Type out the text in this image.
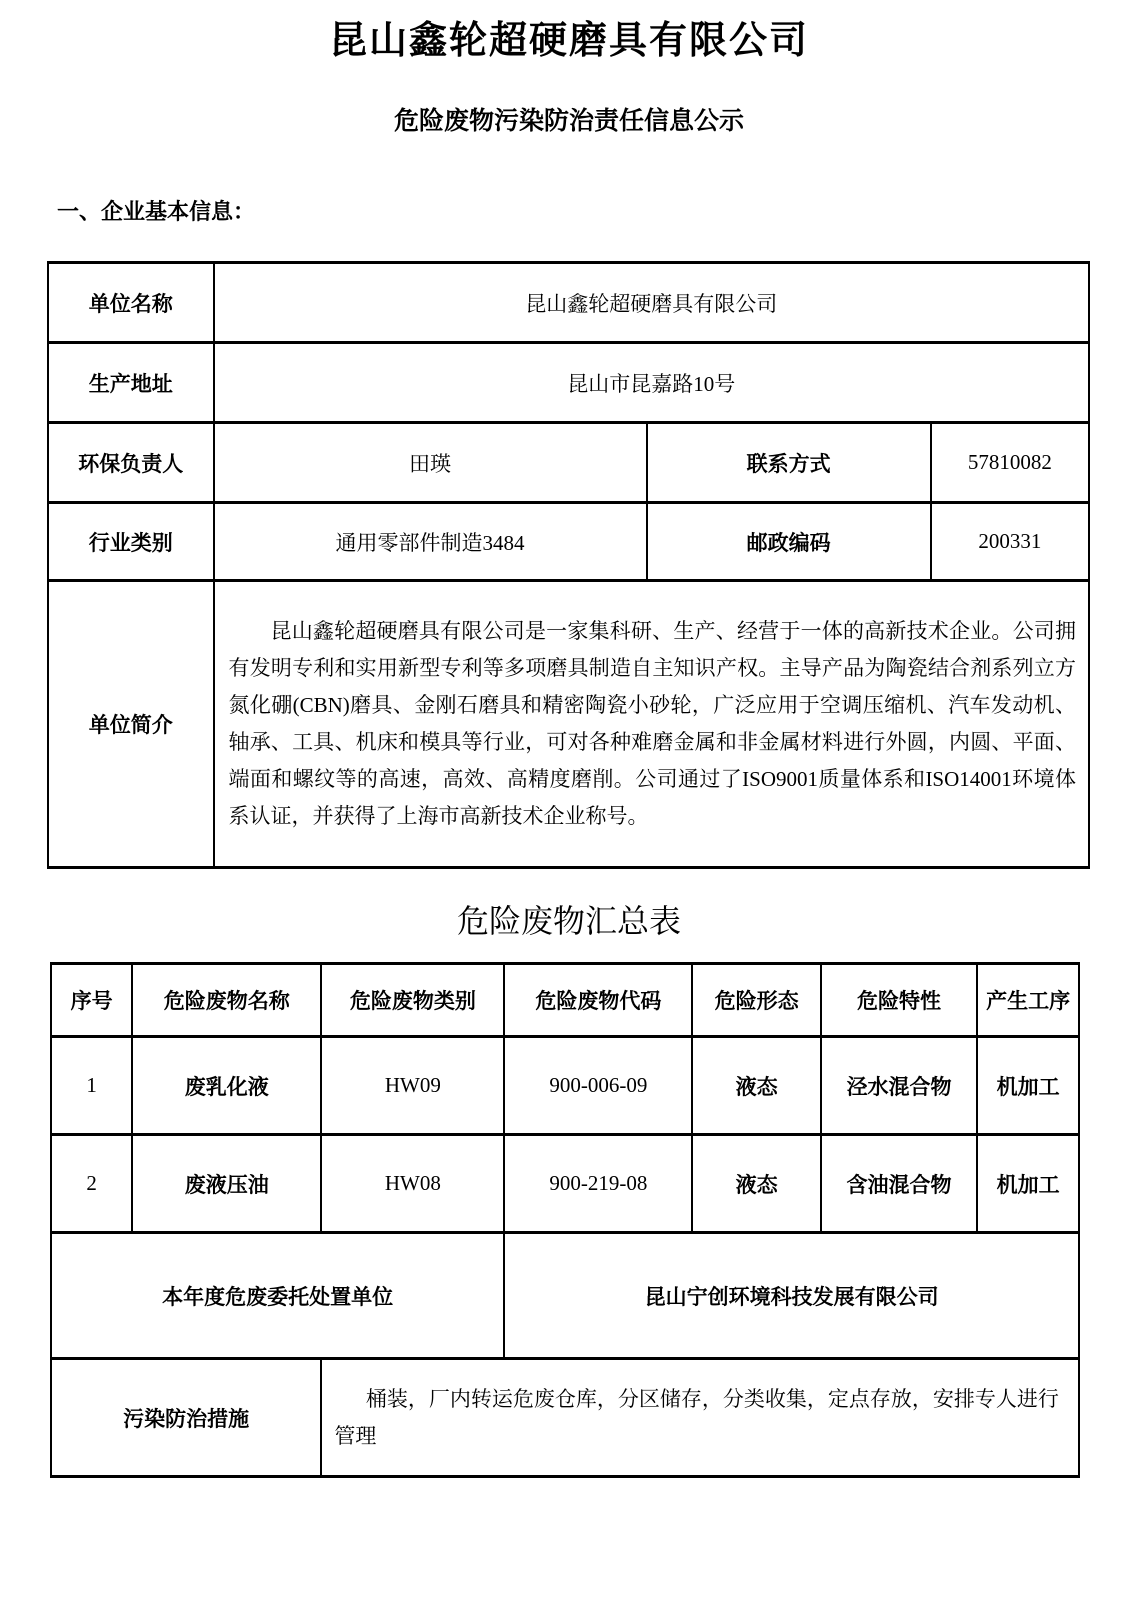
昆山鑫轮超硬磨具有限公司
危险废物污染防治责任信息公示
一、企业基本信息：
单位名称	昆山鑫轮超硬磨具有限公司		
生产地址	昆山市昆嘉路10号		
环保负责人	田瑛	联系方式	57810082
行业类别	通用零部件制造3484	邮政编码	200331
单位简介	昆山鑫轮超硬磨具有限公司是一家集科研、生产、经营于一体的高新技术企业。公司拥有发明专利和实用新型专利等多项磨具制造自主知识产权。主导产品为陶瓷结合剂系列立方氮化硼(CBN)磨具、金刚石磨具和精密陶瓷小砂轮，广泛应用于空调压缩机、汽车发动机、轴承、工具、机床和模具等行业，可对各种难磨金属和非金属材料进行外圆，内圆、平面、端面和螺纹等的高速，高效、高精度磨削。公司通过了ISO9001质量体系和ISO14001环境体系认证，并获得了上海市高新技术企业称号。		
危险废物汇总表
序号	危险废物名称	危险废物类别	危险废物代码	危险形态	危险特性	产生工序
1	废乳化液	HW09	900-006-09	液态	泾水混合物	机加工
2	废液压油	HW08	900-219-08	液态	含油混合物	机加工
本年度危废委托处置单位			昆山宁创环境科技发展有限公司			
污染防治措施		桶装，厂内转运危废仓库，分区储存，分类收集，定点存放，安排专人进行管理				
